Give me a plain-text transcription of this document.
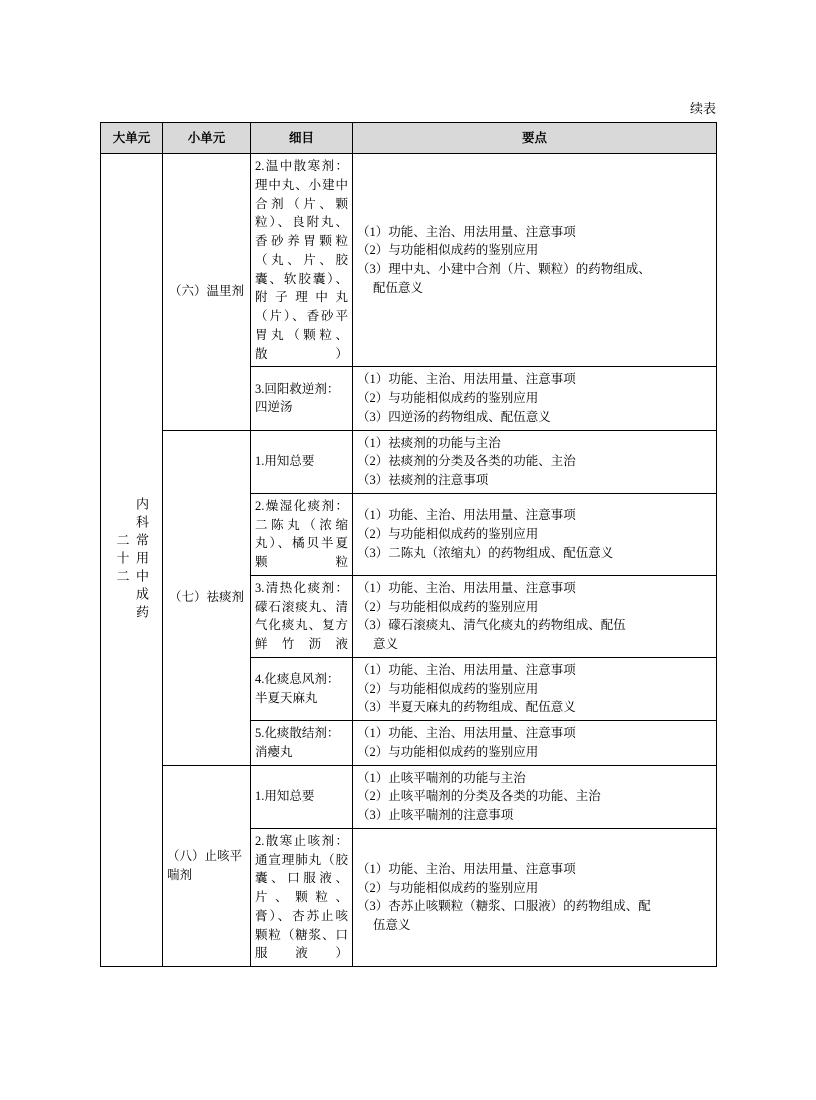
续表
大单元	小单元	细目	要点

二十二 内科常用中成药	（六）温里剂	2.温中散寒剂：理中丸、小建中合剂（片、颗粒）、良附丸、香砂养胃颗粒（丸、片、胶囊、软胶囊）、附子理中丸（片）、香砂平胃丸（颗粒、散）	（1）功能、主治、用法用量、注意事项
（2）与功能相似成药的鉴别应用
（3）理中丸、小建中合剂（片、颗粒）的药物组成、
配伍意义

		3.回阳救逆剂：四逆汤	（1）功能、主治、用法用量、注意事项
（2）与功能相似成药的鉴别应用
（3）四逆汤的药物组成、配伍意义

	（七）祛痰剂	1.用知总要	（1）祛痰剂的功能与主治
（2）祛痰剂的分类及各类的功能、主治
（3）祛痰剂的注意事项

		2.燥湿化痰剂：二陈丸（浓缩丸）、橘贝半夏颗粒	（1）功能、主治、用法用量、注意事项
（2）与功能相似成药的鉴别应用
（3）二陈丸（浓缩丸）的药物组成、配伍意义

		3.清热化痰剂：礞石滚痰丸、清气化痰丸、复方鲜竹沥液	（1）功能、主治、用法用量、注意事项
（2）与功能相似成药的鉴别应用
（3）礞石滚痰丸、清气化痰丸的药物组成、配伍
意义

		4.化痰息风剂：半夏天麻丸	（1）功能、主治、用法用量、注意事项
（2）与功能相似成药的鉴别应用
（3）半夏天麻丸的药物组成、配伍意义

		5.化痰散结剂：消瘿丸	（1）功能、主治、用法用量、注意事项
（2）与功能相似成药的鉴别应用

	（八）止咳平喘剂	1.用知总要	（1）止咳平喘剂的功能与主治
（2）止咳平喘剂的分类及各类的功能、主治
（3）止咳平喘剂的注意事项

		2.散寒止咳剂：通宣理肺丸（胶囊、口服液、片、颗粒、膏）、杏苏止咳颗粒（糖浆、口服液）	（1）功能、主治、用法用量、注意事项
（2）与功能相似成药的鉴别应用
（3）杏苏止咳颗粒（糖浆、口服液）的药物组成、配
伍意义
